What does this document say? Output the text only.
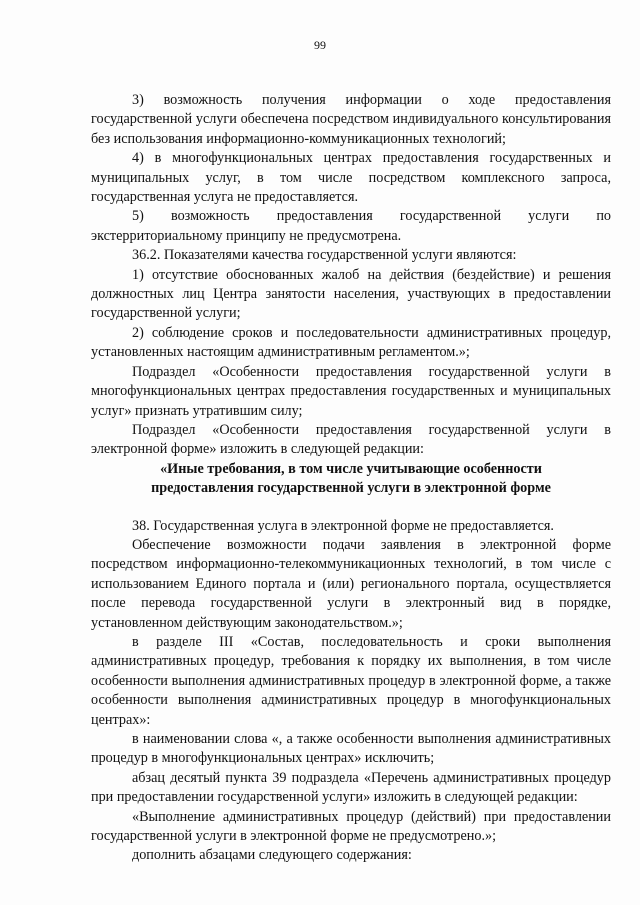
99

3) возможность получения информации о ходе предоставления государственной услуги обеспечена посредством индивидуального консультирования без использования информационно-коммуникационных технологий;

4) в многофункциональных центрах предоставления государственных и муниципальных услуг, в том числе посредством комплексного запроса, государственная услуга не предоставляется.

5) возможность предоставления государственной услуги по экстерриториальному принципу не предусмотрена.

36.2. Показателями качества государственной услуги являются:

1) отсутствие обоснованных жалоб на действия (бездействие) и решения должностных лиц Центра занятости населения, участвующих в предоставлении государственной услуги;

2) соблюдение сроков и последовательности административных процедур, установленных настоящим административным регламентом.»;

Подраздел «Особенности предоставления государственной услуги в многофункциональных центрах предоставления государственных и муниципальных услуг» признать утратившим силу;

Подраздел «Особенности предоставления государственной услуги в электронной форме» изложить в следующей редакции:

«Иные требования, в том числе учитывающие особенности
предоставления государственной услуги в электронной форме

38. Государственная услуга в электронной форме не предоставляется.

Обеспечение возможности подачи заявления в электронной форме посредством информационно-телекоммуникационных технологий, в том числе с использованием Единого портала и (или) регионального портала, осуществляется после перевода государственной услуги в электронный вид в порядке, установленном действующим законодательством.»;

в разделе III «Состав, последовательность и сроки выполнения административных процедур, требования к порядку их выполнения, в том числе особенности выполнения административных процедур в электронной форме, а также особенности выполнения административных процедур в многофункциональных центрах»:

в наименовании слова «, а также особенности выполнения административных процедур в многофункциональных центрах» исключить;

абзац десятый пункта 39 подраздела «Перечень административных процедур при предоставлении государственной услуги» изложить в следующей редакции:

«Выполнение административных процедур (действий) при предоставлении государственной услуги в электронной форме не предусмотрено.»;

дополнить абзацами следующего содержания:
